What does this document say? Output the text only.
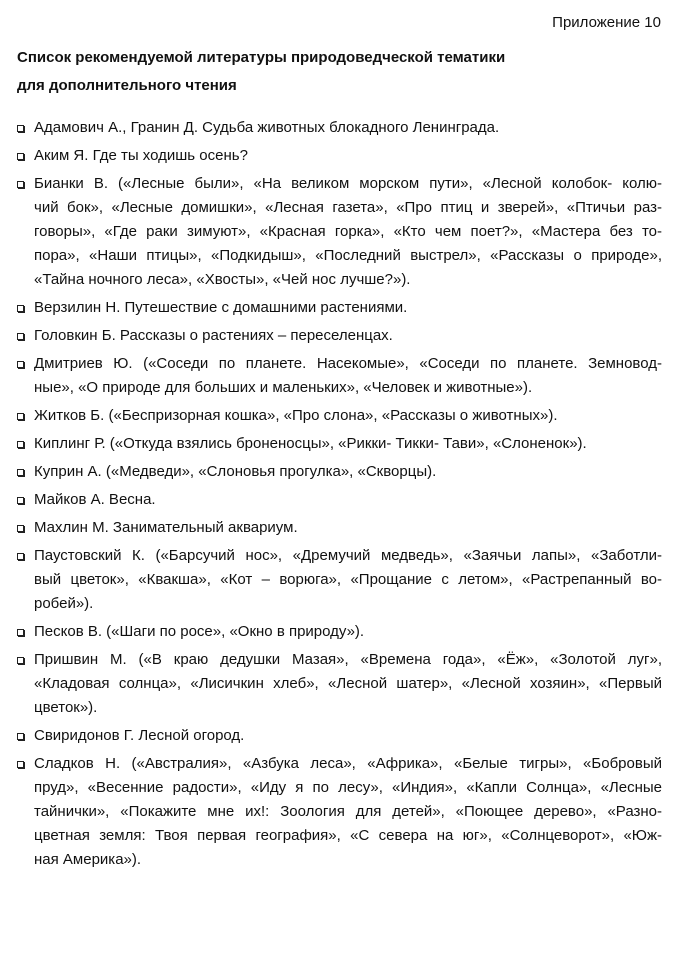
Приложение 10
Список рекомендуемой литературы природоведческой тематики
для дополнительного чтения
Адамович А., Гранин Д. Судьба животных блокадного Ленинграда.
Аким Я. Где ты ходишь осень?
Бианки В. («Лесные были», «На великом морском пути», «Лесной колобок- колю-
чий бок», «Лесные домишки», «Лесная газета», «Про птиц и зверей», «Птичьи раз-
говоры», «Где раки зимуют», «Красная горка», «Кто чем поет?», «Мастера без то-
пора», «Наши птицы», «Подкидыш», «Последний выстрел», «Рассказы о природе»,
«Тайна ночного леса», «Хвосты», «Чей нос лучше?»).
Верзилин Н. Путешествие с домашними растениями.
Головкин Б. Рассказы о растениях – переселенцах.
Дмитриев Ю. («Соседи по планете. Насекомые», «Соседи по планете. Земновод-
ные», «О природе для больших и маленьких», «Человек и животные»).
Житков Б. («Беспризорная кошка», «Про слона», «Рассказы о животных»).
Киплинг Р. («Откуда взялись броненосцы», «Рикки- Тикки- Тави», «Слоненок»).
Куприн А. («Медведи», «Слоновья прогулка», «Скворцы).
Майков А. Весна.
Махлин М. Занимательный аквариум.
Паустовский К. («Барсучий нос», «Дремучий медведь», «Заячьи лапы», «Заботли-
вый цветок», «Квакша», «Кот – ворюга», «Прощание с летом», «Растрепанный во-
робей»).
Песков В. («Шаги по росе», «Окно в природу»).
Пришвин М. («В краю дедушки Мазая», «Времена года», «Ёж», «Золотой луг»,
«Кладовая солнца», «Лисичкин хлеб», «Лесной шатер», «Лесной хозяин», «Первый
цветок»).
Свиридонов Г. Лесной огород.
Сладков Н. («Австралия», «Азбука леса», «Африка», «Белые тигры», «Бобровый
пруд», «Весенние радости», «Иду я по лесу», «Индия», «Капли Солнца», «Лесные
тайнички», «Покажите мне их!: Зоология для детей», «Поющее дерево», «Разно-
цветная земля: Твоя первая география», «С севера на юг», «Солнцеворот», «Юж-
ная Америка»).
